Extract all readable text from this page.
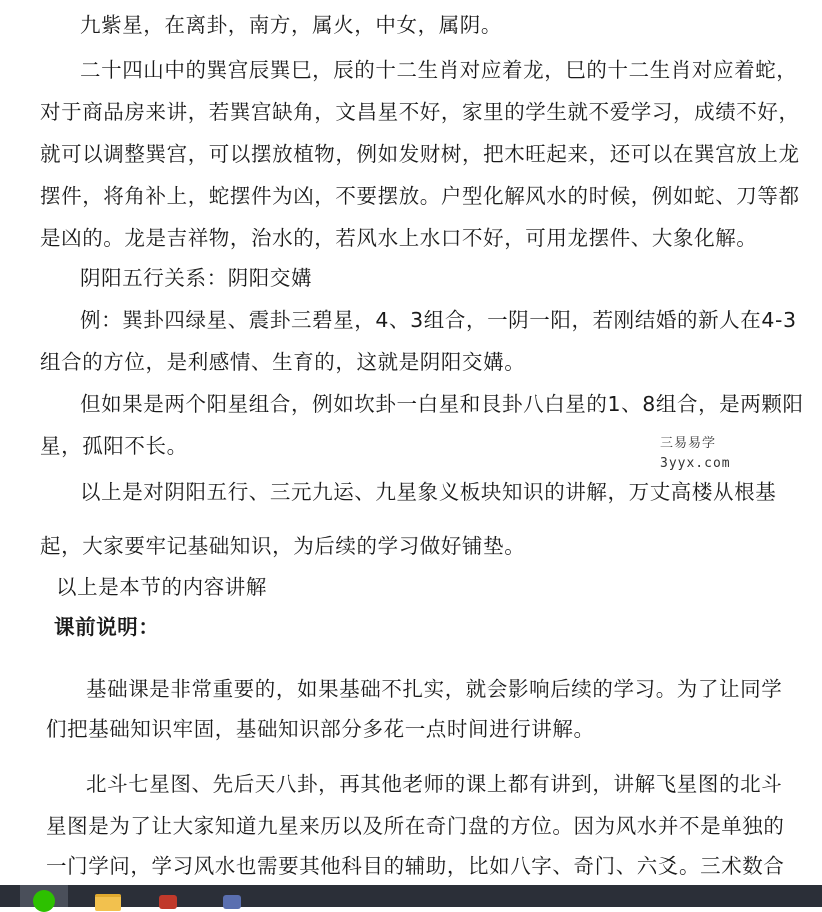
九紫星，在离卦，南方，属火，中女，属阴。
二十四山中的巽宫辰巽巳，辰的十二生肖对应着龙，巳的十二生肖对应着蛇，
对于商品房来讲，若巽宫缺角，文昌星不好，家里的学生就不爱学习，成绩不好，
就可以调整巽宫，可以摆放植物，例如发财树，把木旺起来，还可以在巽宫放上龙
摆件，将角补上，蛇摆件为凶，不要摆放。户型化解风水的时候，例如蛇、刀等都
是凶的。龙是吉祥物，治水的，若风水上水口不好，可用龙摆件、大象化解。
阴阳五行关系：阴阳交媾
例：巽卦四绿星、震卦三碧星，4、3组合，一阴一阳，若刚结婚的新人在4-3
组合的方位，是利感情、生育的，这就是阴阳交媾。
但如果是两个阳星组合，例如坎卦一白星和艮卦八白星的1、8组合，是两颗阳
星，孤阳不长。
以上是对阴阳五行、三元九运、九星象义板块知识的讲解，万丈高楼从根基
起，大家要牢记基础知识，为后续的学习做好铺垫。
以上是本节的内容讲解
课前说明：
基础课是非常重要的，如果基础不扎实，就会影响后续的学习。为了让同学
们把基础知识牢固，基础知识部分多花一点时间进行讲解。
北斗七星图、先后天八卦，再其他老师的课上都有讲到，讲解飞星图的北斗
星图是为了让大家知道九星来历以及所在奇门盘的方位。因为风水并不是单独的
一门学问，学习风水也需要其他科目的辅助，比如八字、奇门、六爻。三术数合
三易易学
3yyx.com
